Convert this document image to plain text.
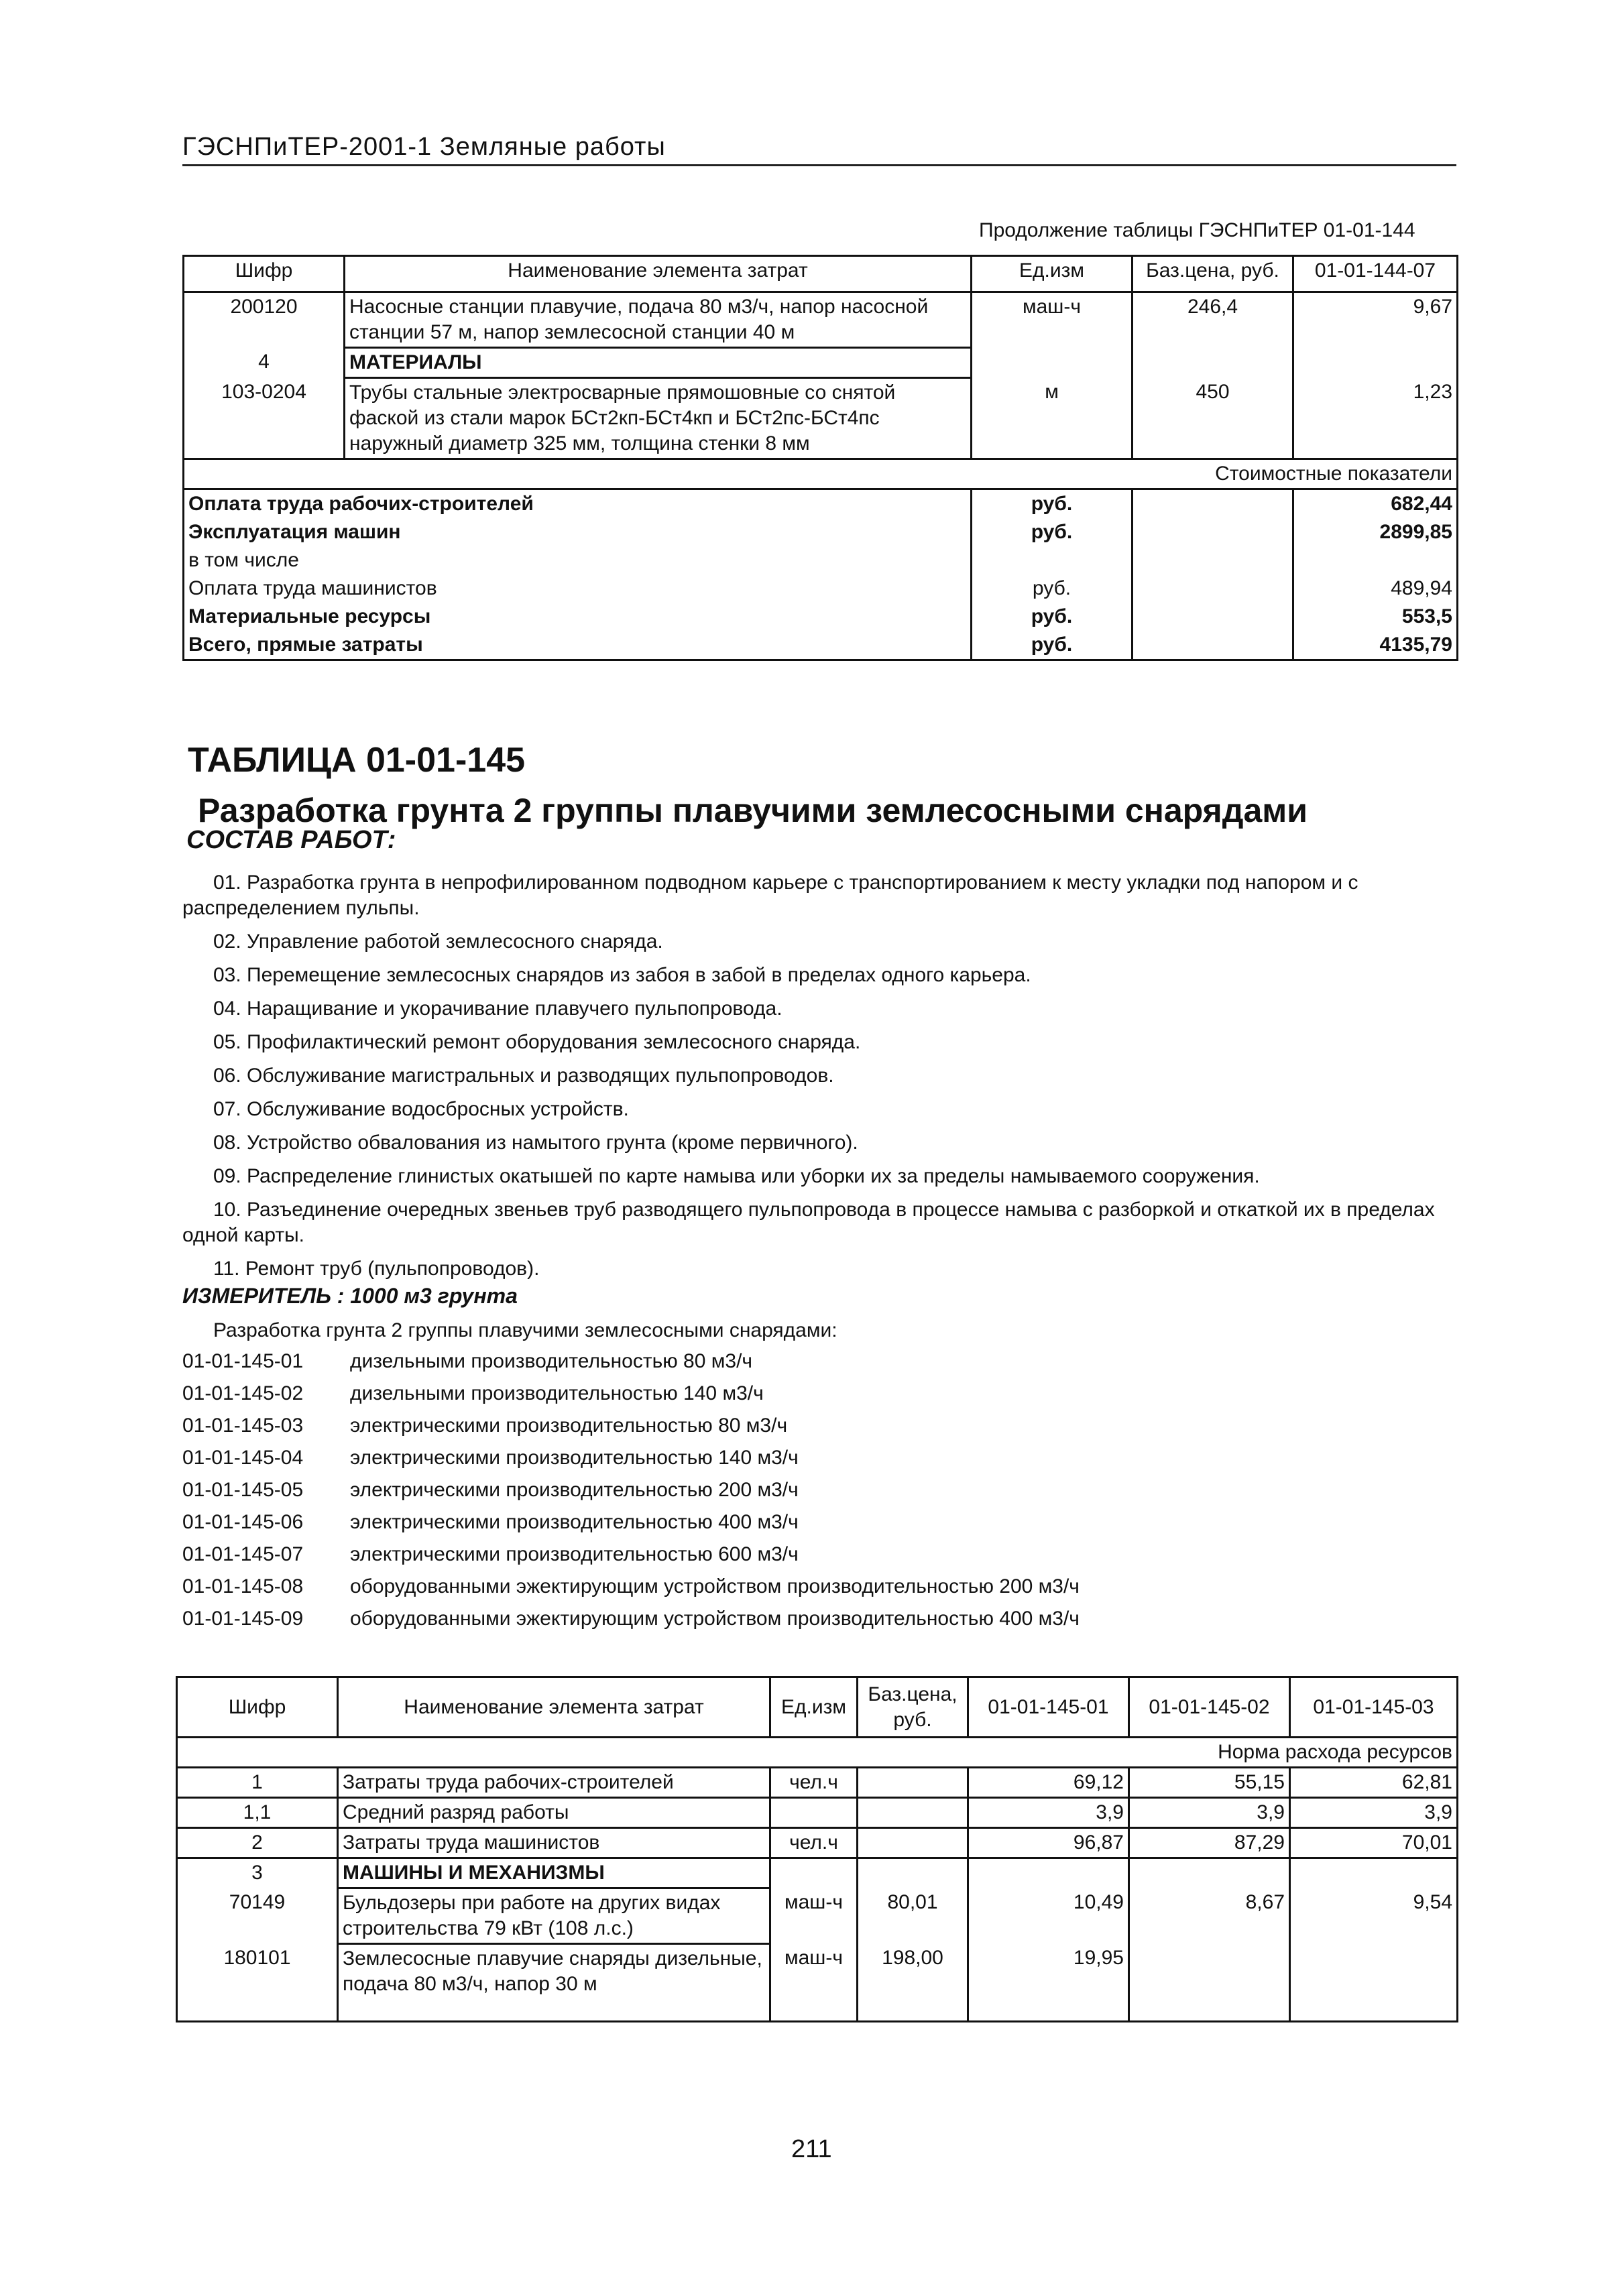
ГЭСНПиТЕР-2001-1 Земляные работы
Продолжение таблицы ГЭСНПиТЕР 01-01-144
Шифр	Наименование элемента затрат	Ед.изм	Баз.цена, руб.	01-01-144-07
200120	Насосные станции плавучие, подача 80 м3/ч, напор насосной станции 57 м, напор землесосной станции 40 м	маш-ч	246,4	9,67
4	МАТЕРИАЛЫ			
103-0204	Трубы стальные электросварные прямошовные со снятой фаской из стали марок БСт2кп-БСт4кп и БСт2пс-БСт4пс наружный диаметр 325 мм, толщина стенки 8 мм	м	450	1,23
Стоимостные показатели				
Оплата труда рабочих-строителей		руб.		682,44
Эксплуатация машин		руб.		2899,85
в том числе				
Оплата труда машинистов		руб.		489,94
Материальные ресурсы		руб.		553,5
Всего, прямые затраты		руб.		4135,79
ТАБЛИЦА 01-01-145
Разработка грунта 2 группы плавучими землесосными снарядами
СОСТАВ РАБОТ:

01. Разработка грунта в непрофилированном подводном карьере с транспортированием к месту укладки под напором и с распределением пульпы.

02. Управление работой землесосного снаряда.

03. Перемещение землесосных снарядов из забоя в забой в пределах одного карьера.

04. Наращивание и укорачивание плавучего пульпопровода.

05. Профилактический ремонт оборудования землесосного снаряда.

06. Обслуживание магистральных и разводящих пульпопроводов.

07. Обслуживание водосбросных устройств.

08. Устройство обвалования из намытого грунта (кроме первичного).

09. Распределение глинистых окатышей по карте намыва или уборки их за пределы намываемого сооружения.

10. Разъединение очередных звеньев труб разводящего пульпопровода в процессе намыва с разборкой и откаткой их в пределах одной карты.

11. Ремонт труб (пульпопроводов).

ИЗМЕРИТЕЛЬ : 1000 м3 грунта
Разработка грунта 2 группы плавучими землесосными снарядами:
01-01-145-01	дизельными производительностью 80 м3/ч
01-01-145-02	дизельными производительностью 140 м3/ч
01-01-145-03	электрическими производительностью 80 м3/ч
01-01-145-04	электрическими производительностью 140 м3/ч
01-01-145-05	электрическими производительностью 200 м3/ч
01-01-145-06	электрическими производительностью 400 м3/ч
01-01-145-07	электрическими производительностью 600 м3/ч
01-01-145-08	оборудованными эжектирующим устройством производительностью 200 м3/ч
01-01-145-09	оборудованными эжектирующим устройством производительностью 400 м3/ч
Шифр	Наименование элемента затрат	Ед.изм	Баз.цена, руб.	01-01-145-01	01-01-145-02	01-01-145-03
Норма расхода ресурсов						
1	Затраты труда рабочих-строителей	чел.ч		69,12	55,15	62,81
1,1	Средний разряд работы			3,9	3,9	3,9
2	Затраты труда машинистов	чел.ч		96,87	87,29	70,01
3	МАШИНЫ И МЕХАНИЗМЫ					
70149	Бульдозеры при работе на других видах строительства 79 кВт (108 л.с.)	маш-ч	80,01	10,49	8,67	9,54
180101	Землесосные плавучие снаряды дизельные, подача 80 м3/ч, напор 30 м	маш-ч	198,00	19,95		
211
